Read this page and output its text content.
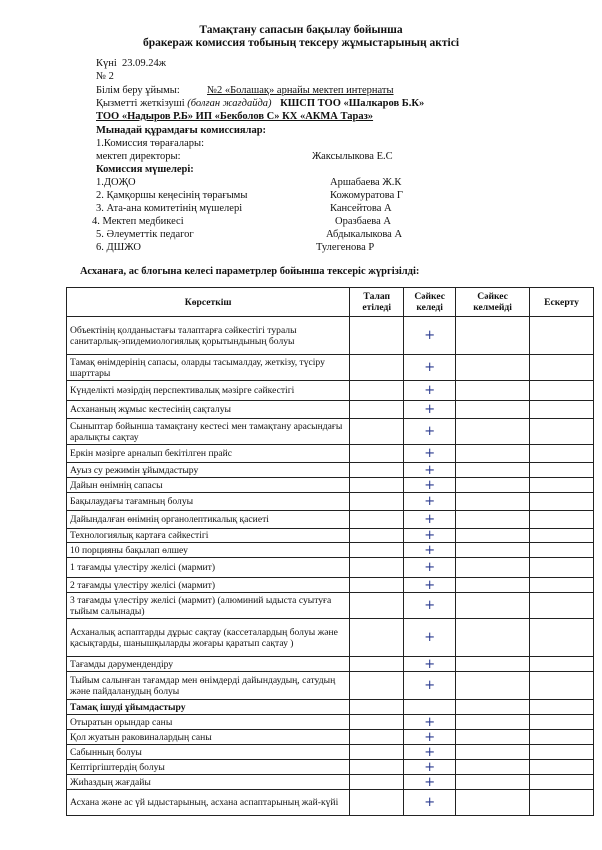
Тамақтану сапасын бақылау бойынша
бракераж комиссия тобының тексеру жұмыстарының актісі
Күні 23.09.24ж
№ 2
Білім беру ұйымы:	№2 «Болашақ» арнайы мектеп интернаты
Қызметті жеткізуші (болған жағдайда) КШСП ТОО «Шалкаров Б.К»
ТОО «Надыров Р.Б» ИП «Бекболов С» КХ «АКМА Тараз»
Мынадай құрамдағы комиссиялар:
1.Комиссия төрағалары:
мектеп директоры:	Жаксылыкова Е.С
Комиссия мүшелері:
1.ДОҖО	Аршабаева Ж.К
2. Қамқоршы кеңесінің төрағымы	Кожомуратова Г
3. Ата-ана комитетінің мүшелері	Кансейтова А
4. Мектеп медбикесі	Оразбаева А
5. Әлеуметтік педагог	Абдыкалыкова А
6. ДШЖО	Тулегенова Р
Асханаға, ас блогына келесі параметрлер бойынша тексеріс жүргізілді:
Көрсеткіш	Талап етіледі	Сәйкес келеді	Сәйкес келмейді	Ескерту
Объектінің қолданыстағы талаптарға сәйкестігі туралы санитарлық-эпидемиологиялық қорытындының болуы		+		
Тамақ өнімдерінің сапасы, оларды тасымалдау, жеткізу, түсіру шарттары		+		
Күнделікті мәзірдің перспективалық мәзірге сәйкестігі		+		
Асхананың жұмыс кестесінің сақталуы		+		
Сыныптар бойынша тамақтану кестесі мен тамақтану арасындағы аралықты сақтау		+		
Еркін мәзірге арналып бекітілген прайс		+		
Ауыз су режимін ұйымдастыру		+		
Дайын өнімнің сапасы		+		
Бақылаудағы тағамның болуы		+		
Дайындалған өнімнің органолептикалық қасиеті		+		
Технологиялық картаға сәйкестігі		+		
10 порцияны бақылап өлшеу		+		
1 тағамды үлестіру желісі (мармит)		+		
2 тағамды үлестіру желісі (мармит)		+		
3 тағамды үлестіру желісі (мармит) (алюминий ыдыста суытуға тыйым салынады)		+		
Асханалық аспаптарды дұрыс сақтау (кассеталардың болуы және қасықтарды, шанышқыларды жоғары қаратып сақтау )		+		
Тағамды дәрумендендіру		+		
Тыйым салынған тағамдар мен өнімдерді дайындаудың, сатудың және пайдаланудың болуы		+		
Тамақ ішуді ұйымдастыру				
Отыратын орындар саны		+		
Қол жуатын раковиналардың саны		+		
Сабынның болуы		+		
Кептіргіштердің болуы		+		
Жиһаздың жағдайы		+		
Асхана және ас үй ыдыстарының, асхана аспаптарының жай-күйі		+		
